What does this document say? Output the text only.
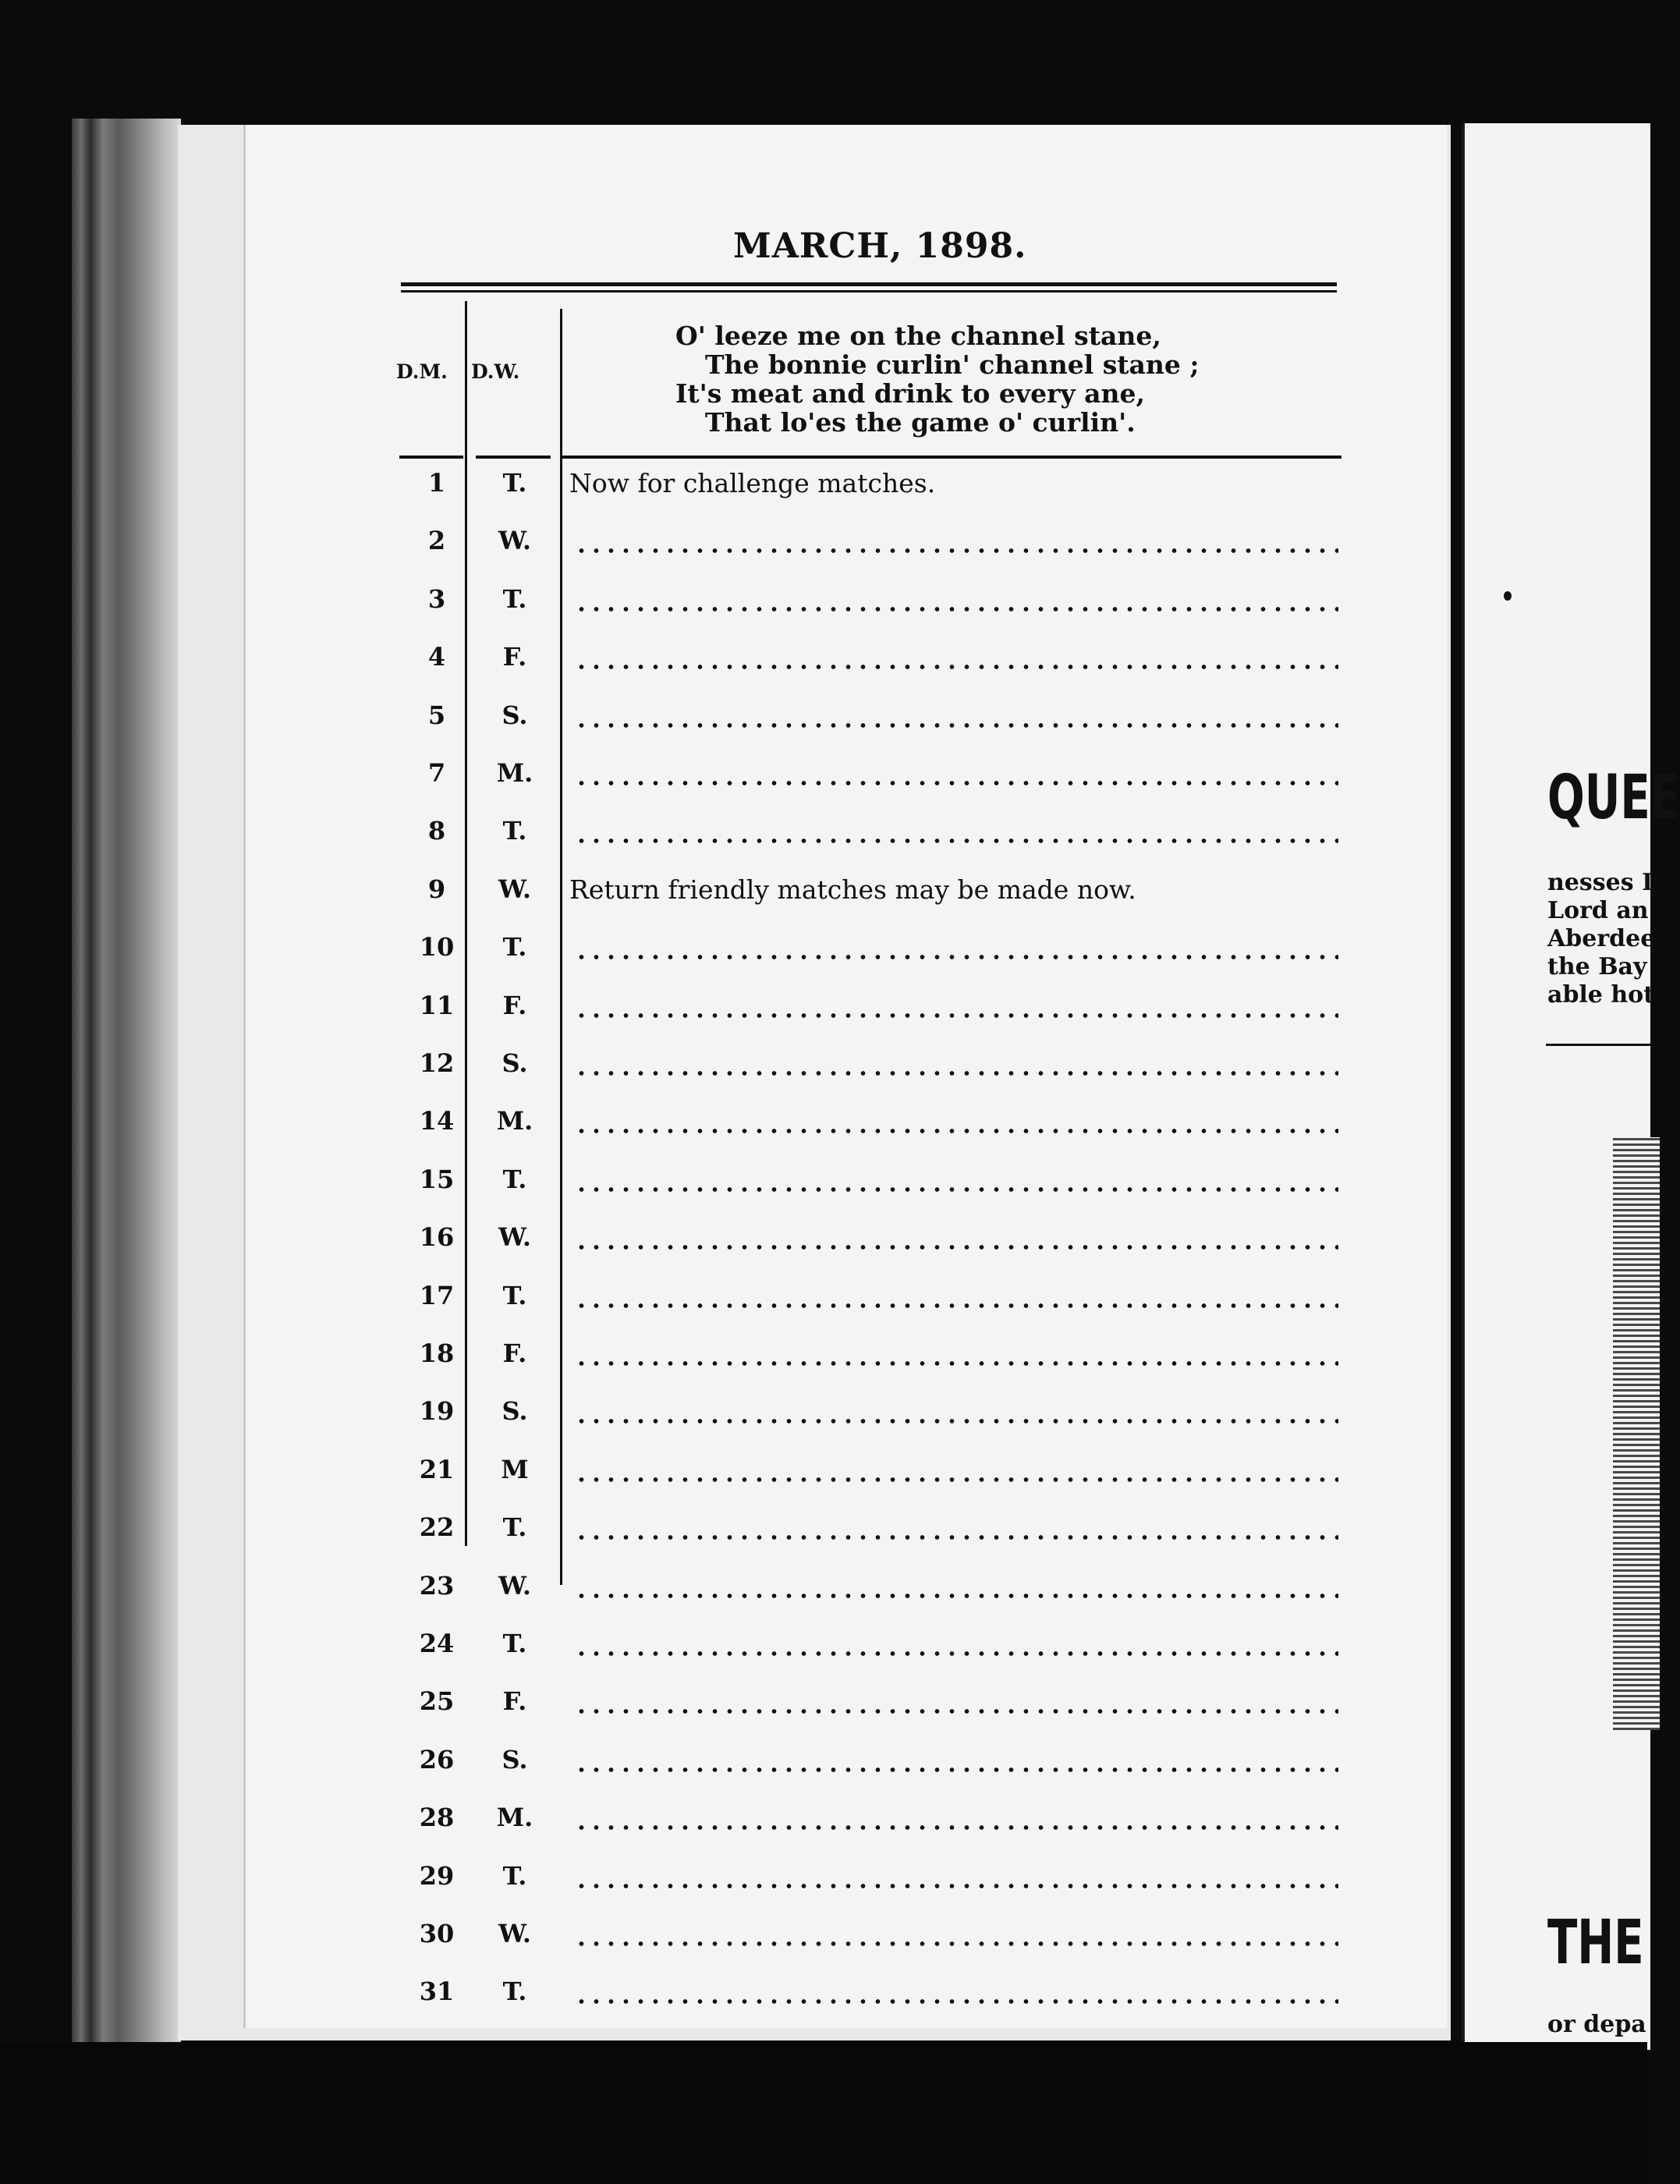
MARCH, 1898.
D.M. D.W.
O' leeze me on the channel stane,
The bonnie curlin' channel stane ;
It's meat and drink to every ane,
That lo'es the game o' curlin'.
1	T.	Now for challenge matches.
2	W.
3	T.
4	F.
5	S.
7	M.
8	T.
9	W.	Return friendly matches may be made now.
10	T.
11	F.
12	S.
14	M.
15	T.
16	W.
17	T.
18	F.
19	S.
21	M
22	T.
23	W.
24	T.
25	F.
26	S.
28	M.
29	T.
30	W.
31	T.
QUEE
nesses I
Lord an
Aberdee
the Bay
able hot
THE
or depa
